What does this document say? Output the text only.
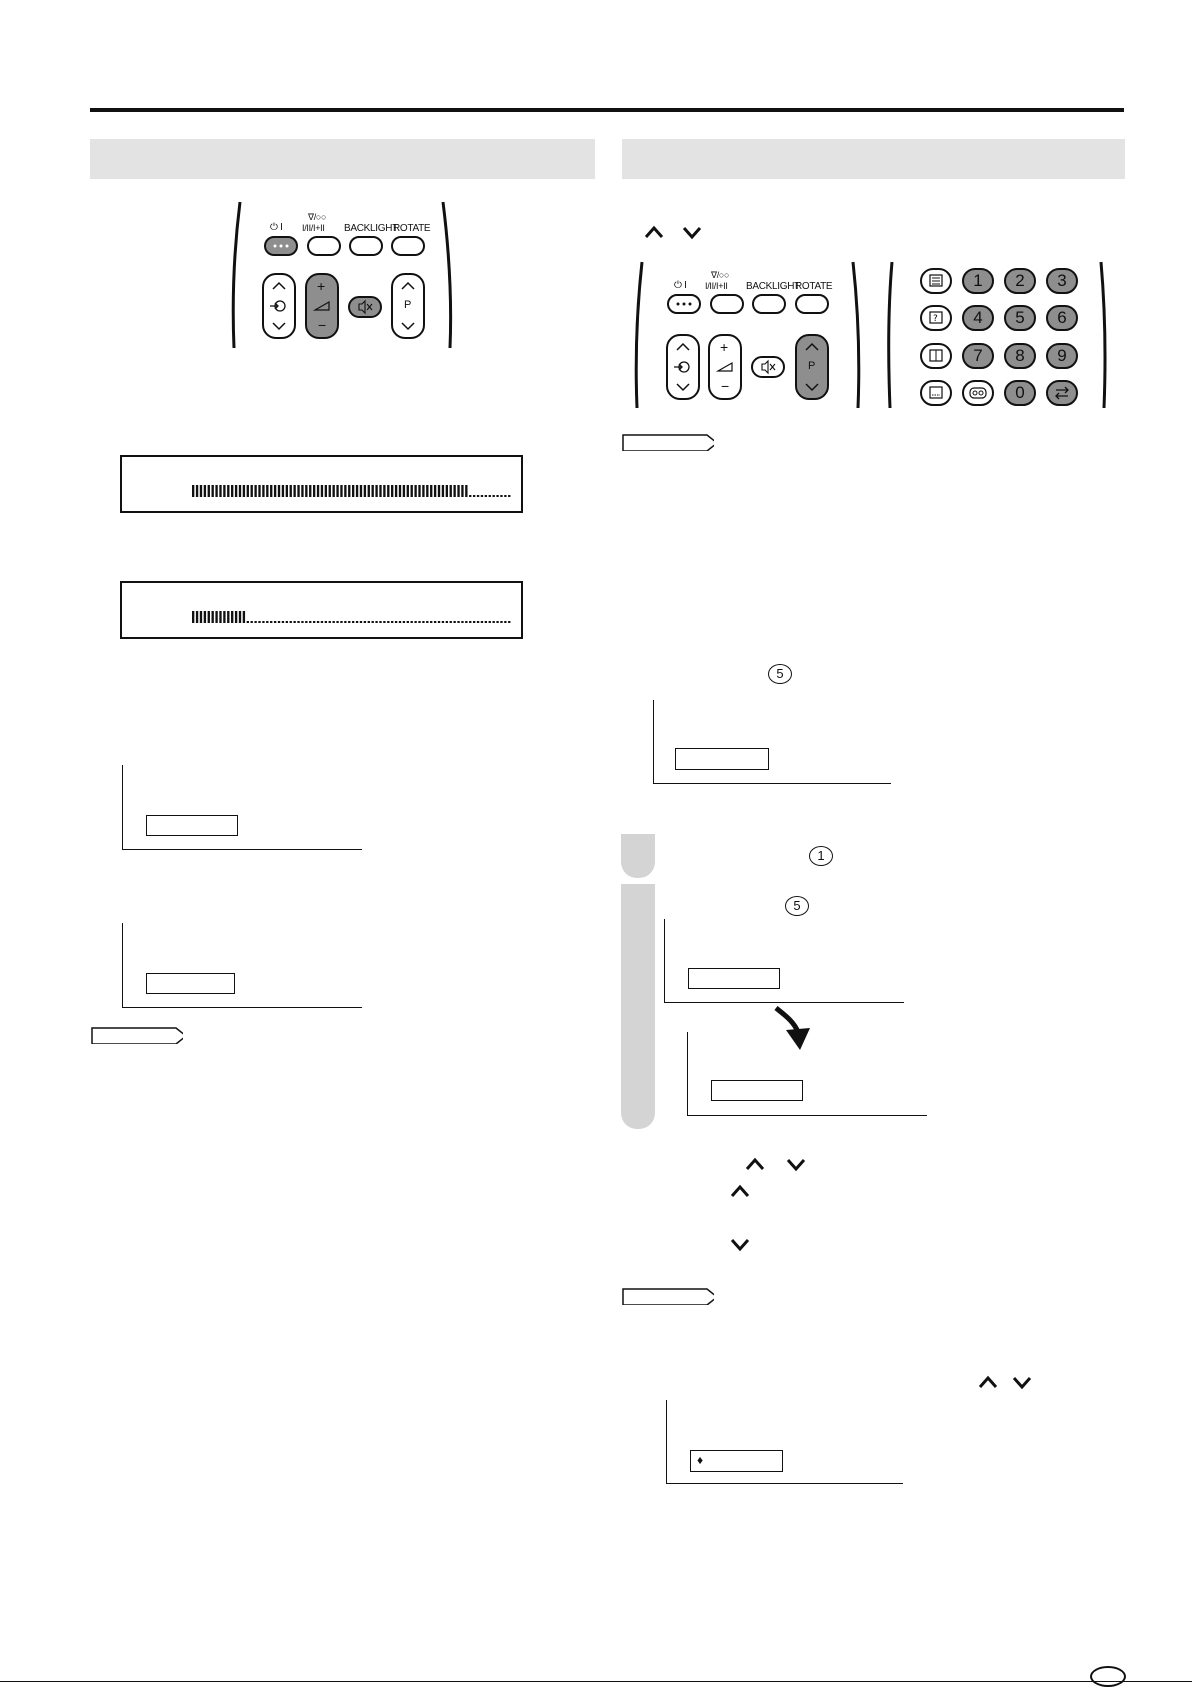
⏻ I
∇/○○
I/II/I+II BACKLIGHT
ROTATE
+
−
P
⏻ I
∇/○○
I/II/I+II BACKLIGHT
ROTATE
+
−
P
?
1	2	3
4	5	6
7	8	9
0
5
1
5
♦
